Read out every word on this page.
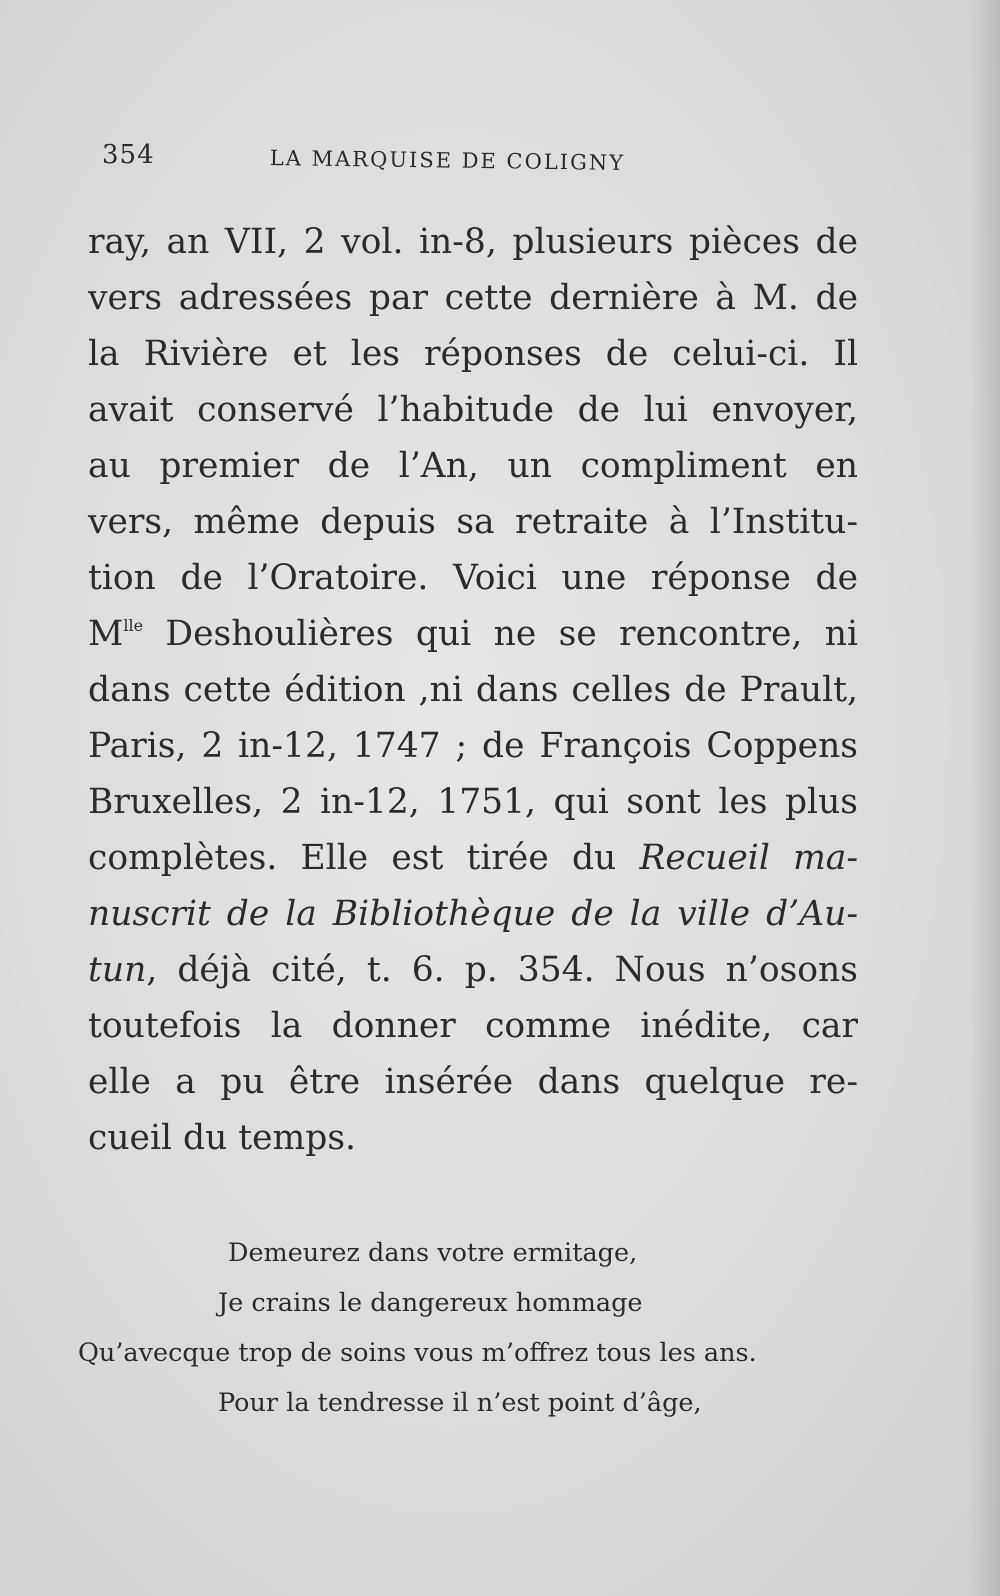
354	LA MARQUISE DE COLIGNY
ray, an VII, 2 vol. in-8, plusieurs pièces de
vers adressées par cette dernière à M. de
la Rivière et les réponses de celui-ci. Il
avait conservé l’habitude de lui envoyer,
au premier de l’An, un compliment en
vers, même depuis sa retraite à l’Institu-
tion de l’Oratoire. Voici une réponse de
$M^{lle}$ Deshoulières qui ne se rencontre, ni
dans cette édition ,ni dans celles de Prault,
Paris, 2 in-12, 1747 ; de François Coppens
Bruxelles, 2 in-12, 1751, qui sont les plus
complètes. Elle est tirée du Recueil ma-
nuscrit de la Bibliothèque de la ville d’Au-
tun, déjà cité, t. 6. p. 354. Nous n’osons
toutefois la donner comme inédite, car
elle a pu être insérée dans quelque re-
cueil du temps.
Demeurez dans votre ermitage,
Je crains le dangereux hommage
Qu’avecque trop de soins vous m’offrez tous les ans.
Pour la tendresse il n’est point d’âge,
